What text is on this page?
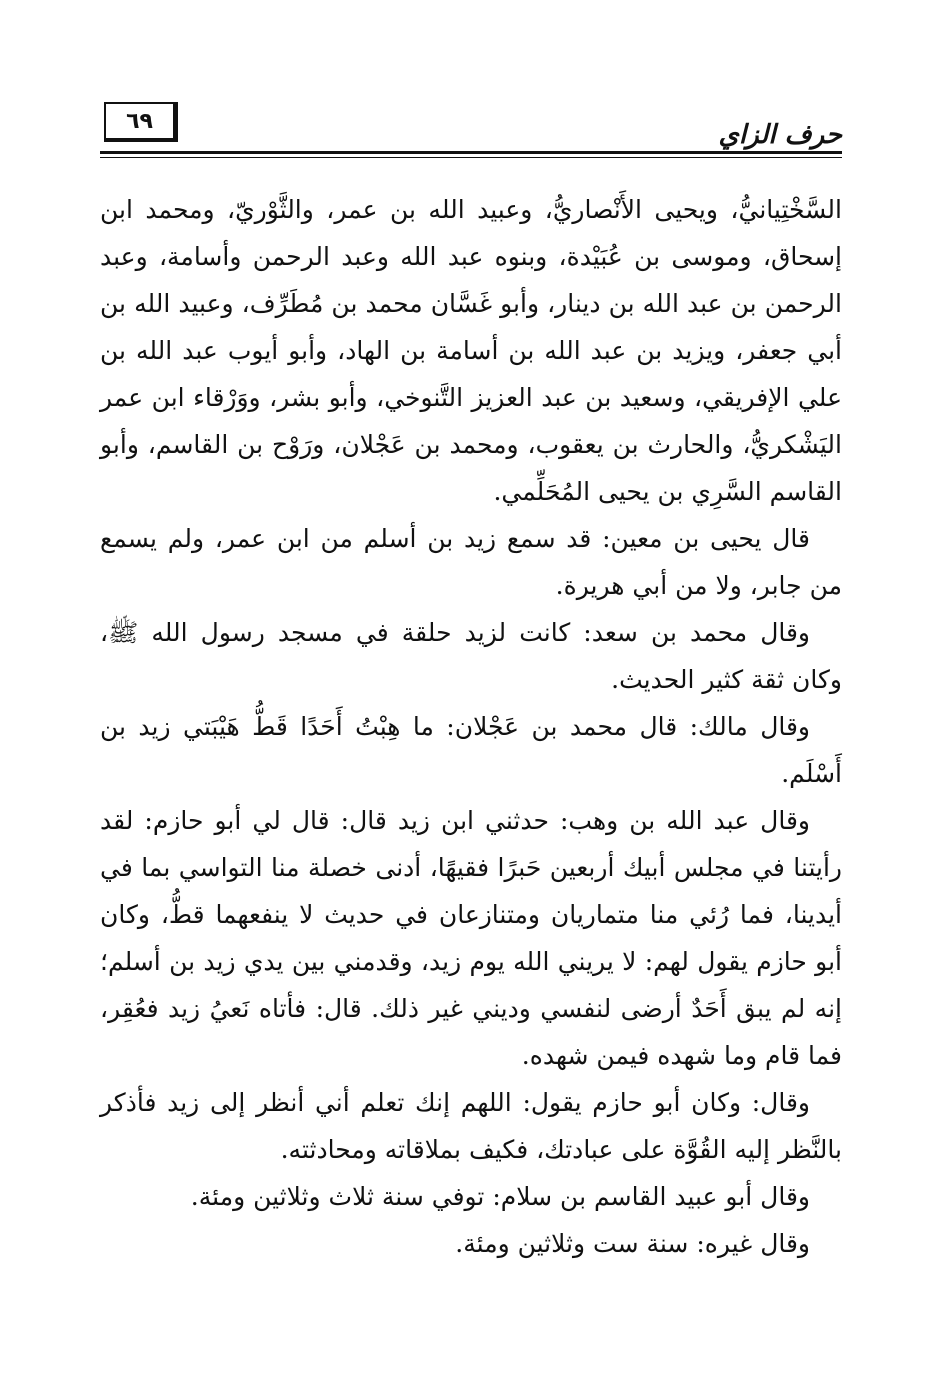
حرف الزاي
٦٩

السَّخْتِيانيُّ، ويحيى الأَنْصاريُّ، وعبيد الله بن عمر، والثَّوْريّ، ومحمد ابن إسحاق، وموسى بن عُبَيْدة، وبنوه عبد الله وعبد الرحمن وأسامة، وعبد الرحمن بن عبد الله بن دينار، وأبو غَسَّان محمد بن مُطَرِّف، وعبيد الله بن أبي جعفر، ويزيد بن عبد الله بن أسامة بن الهاد، وأبو أيوب عبد الله بن علي الإفريقي، وسعيد بن عبد العزيز التَّنوخي، وأبو بشر، ووَرْقاء ابن عمر اليَشْكريُّ، والحارث بن يعقوب، ومحمد بن عَجْلان، ورَوْح بن القاسم، وأبو القاسم السَّرِي بن يحيى المُحَلِّمي.

قال يحيى بن معين: قد سمع زيد بن أسلم من ابن عمر، ولم يسمع من جابر، ولا من أبي هريرة.

وقال محمد بن سعد: كانت لزيد حلقة في مسجد رسول الله ﷺ، وكان ثقة كثير الحديث.

وقال مالك: قال محمد بن عَجْلان: ما هِبْتُ أَحَدًا قَطُّ هَيْبَتي زيد بن أَسْلَم.

وقال عبد الله بن وهب: حدثني ابن زيد قال: قال لي أبو حازم: لقد رأيتنا في مجلس أبيك أربعين حَبرًا فقيهًا، أدنى خصلة منا التواسي بما في أيدينا، فما رُئي منا متماريان ومتنازعان في حديث لا ينفعهما قطُّ، وكان أبو حازم يقول لهم: لا يريني الله يوم زيد، وقدمني بين يدي زيد بن أسلم؛ إنه لم يبق أَحَدٌ أرضى لنفسي وديني غير ذلك. قال: فأتاه نَعيُ زيد فعُقِر، فما قام وما شهده فيمن شهده.

وقال: وكان أبو حازم يقول: اللهم إنك تعلم أني أنظر إلى زيد فأذكر بالنَّظر إليه القُوَّة على عبادتك، فكيف بملاقاته ومحادثته.

وقال أبو عبيد القاسم بن سلام: توفي سنة ثلاث وثلاثين ومئة.

وقال غيره: سنة ست وثلاثين ومئة.
